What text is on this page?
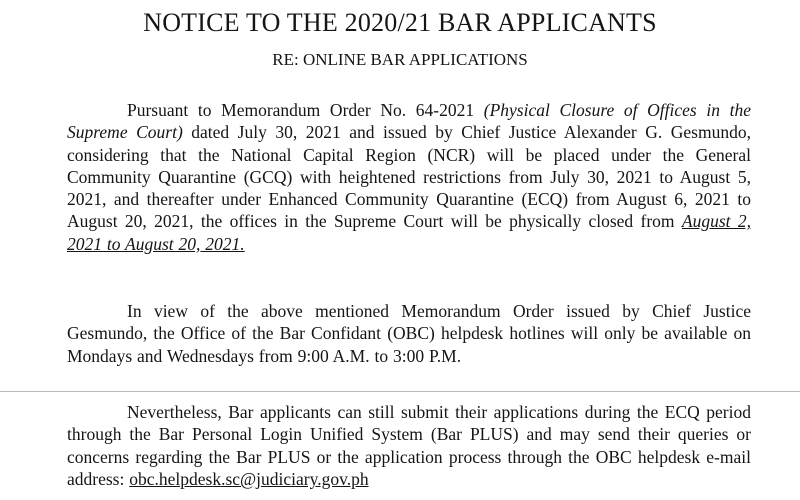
NOTICE TO THE 2020/21 BAR APPLICANTS
RE: ONLINE BAR APPLICATIONS

Pursuant to Memorandum Order No. 64-2021 (Physical Closure of Offices in the Supreme Court) dated July 30, 2021 and issued by Chief Justice Alexander G. Gesmundo, considering that the National Capital Region (NCR) will be placed under the General Community Quarantine (GCQ) with heightened restrictions from July 30, 2021 to August 5, 2021, and thereafter under Enhanced Community Quarantine (ECQ) from August 6, 2021 to August 20, 2021, the offices in the Supreme Court will be physically closed from August 2, 2021 to August 20, 2021.

In view of the above mentioned Memorandum Order issued by Chief Justice Gesmundo, the Office of the Bar Confidant (OBC) helpdesk hotlines will only be available on Mondays and Wednesdays from 9:00 A.M. to 3:00 P.M.

Nevertheless, Bar applicants can still submit their applications during the ECQ period through the Bar Personal Login Unified System (Bar PLUS) and may send their queries or concerns regarding the Bar PLUS or the application process through the OBC helpdesk e-mail address: obc.helpdesk.sc@judiciary.gov.ph
